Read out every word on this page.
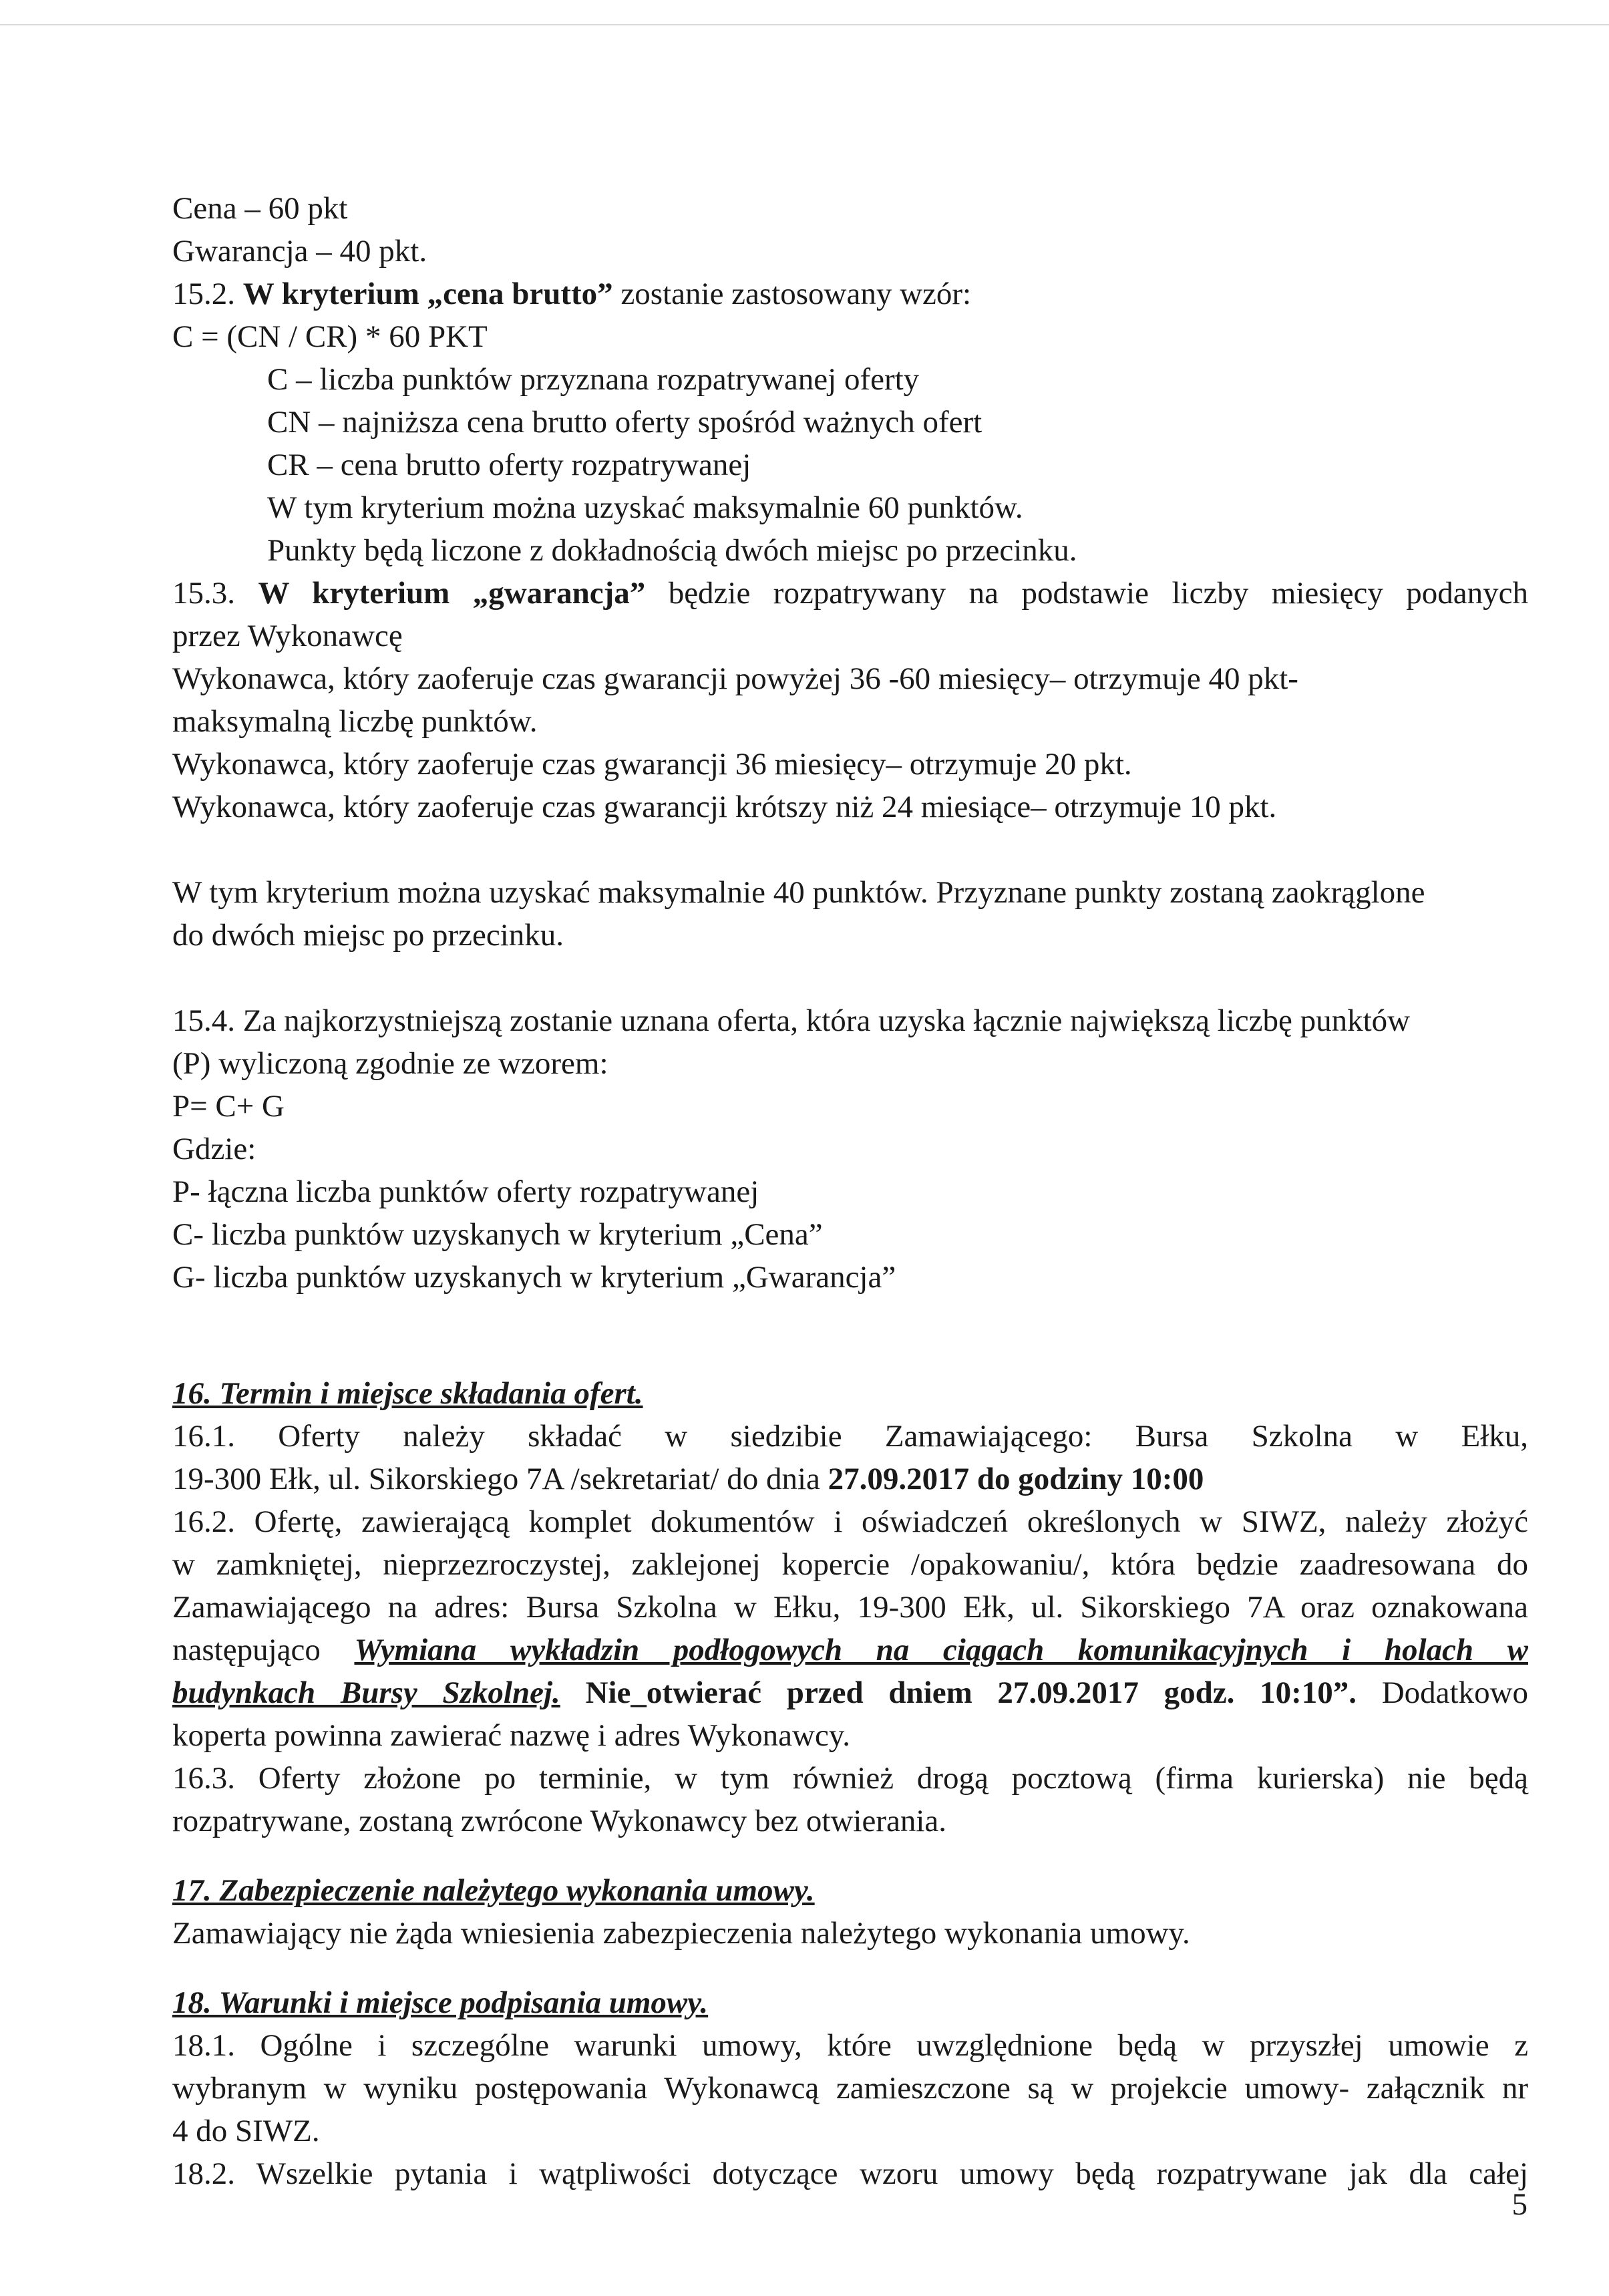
Cena – 60 pkt

Gwarancja – 40 pkt.

15.2. W kryterium „cena brutto” zostanie zastosowany wzór:

C = (CN / CR) * 60 PKT

C – liczba punktów przyznana rozpatrywanej oferty

CN – najniższa cena brutto oferty spośród ważnych ofert

CR – cena brutto oferty rozpatrywanej

W tym kryterium można uzyskać maksymalnie 60 punktów.

Punkty będą liczone z dokładnością dwóch miejsc po przecinku.

15.3. W kryterium „gwarancja” będzie rozpatrywany na podstawie liczby miesięcy podanych

przez Wykonawcę

Wykonawca, który zaoferuje czas gwarancji powyżej 36 -60 miesięcy– otrzymuje 40 pkt-

maksymalną liczbę punktów.

Wykonawca, który zaoferuje czas gwarancji 36 miesięcy– otrzymuje 20 pkt.

Wykonawca, który zaoferuje czas gwarancji krótszy niż 24 miesiące– otrzymuje 10 pkt.

W tym kryterium można uzyskać maksymalnie 40 punktów. Przyznane punkty zostaną zaokrąglone

do dwóch miejsc po przecinku.

15.4. Za najkorzystniejszą zostanie uznana oferta, która uzyska łącznie największą liczbę punktów

(P) wyliczoną zgodnie ze wzorem:

P= C+ G

Gdzie:

P- łączna liczba punktów oferty rozpatrywanej

C- liczba punktów uzyskanych w kryterium „Cena”

G- liczba punktów uzyskanych w kryterium „Gwarancja”

16. Termin i miejsce składania ofert.

16.1. Oferty należy składać w siedzibie Zamawiającego: Bursa Szkolna w Ełku,

19-300 Ełk, ul. Sikorskiego 7A /sekretariat/ do dnia 27.09.2017 do godziny 10:00

16.2. Ofertę, zawierającą komplet dokumentów i oświadczeń określonych w SIWZ, należy złożyć

w zamkniętej, nieprzezroczystej, zaklejonej kopercie /opakowaniu/, która będzie zaadresowana do

Zamawiającego na adres: Bursa Szkolna w Ełku, 19-300 Ełk, ul. Sikorskiego 7A oraz oznakowana

następująco Wymiana wykładzin podłogowych na ciągach komunikacyjnych i holach w

budynkach Bursy Szkolnej. Nie_otwierać przed dniem 27.09.2017 godz. 10:10”. Dodatkowo

koperta powinna zawierać nazwę i adres Wykonawcy.

16.3. Oferty złożone po terminie, w tym również drogą pocztową (firma kurierska) nie będą

rozpatrywane, zostaną zwrócone Wykonawcy bez otwierania.

17. Zabezpieczenie należytego wykonania umowy.

Zamawiający nie żąda wniesienia zabezpieczenia należytego wykonania umowy.

18. Warunki i miejsce podpisania umowy.

18.1. Ogólne i szczególne warunki umowy, które uwzględnione będą w przyszłej umowie z

wybranym w wyniku postępowania Wykonawcą zamieszczone są w projekcie umowy- załącznik nr

4 do SIWZ.

18.2. Wszelkie pytania i wątpliwości dotyczące wzoru umowy będą rozpatrywane jak dla całej

5
